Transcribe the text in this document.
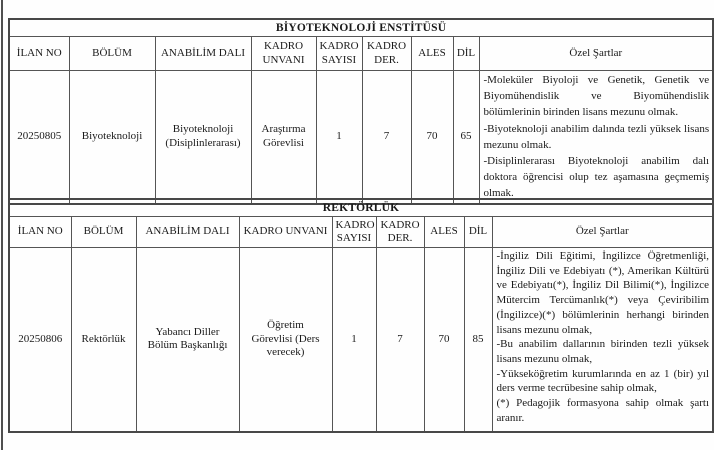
BİYOTEKNOLOJİ ENSTİTÜSÜ								
İLAN NO	BÖLÜM	ANABİLİM DALI	KADRO UNVANI	KADRO SAYISI	KADRO DER.	ALES	DİL	Özel Şartlar
20250805	Biyoteknoloji	Biyoteknoloji (Disiplinlerarası)	Araştırma Görevlisi	1	7	70	65	-Moleküler Biyoloji ve Genetik, Genetik ve Biyomühendislik ve Biyomühendislik bölümlerinin birinden lisans mezunu olmak.

-Biyoteknoloji anabilim dalında tezli yüksek lisans mezunu olmak.

-Disiplinlerarası Biyoteknoloji anabilim dalı doktora öğrencisi olup tez aşamasına geçmemiş olmak.

REKTÖRLÜK								
İLAN NO	BÖLÜM	ANABİLİM DALI	KADRO UNVANI	KADRO SAYISI	KADRO DER.	ALES	DİL	Özel Şartlar
20250806	Rektörlük	Yabancı Diller Bölüm Başkanlığı	Öğretim Görevlisi (Ders verecek)	1	7	70	85	-İngiliz Dili Eğitimi, İngilizce Öğretmenliği, İngiliz Dili ve Edebiyatı (*), Amerikan Kültürü ve Edebiyatı(*), İngiliz Dil Bilimi(*), İngilizce Mütercim Tercümanlık(*) veya Çeviribilim (İngilizce)(*) bölümlerinin herhangi birinden lisans mezunu olmak,

-Bu anabilim dallarının birinden tezli yüksek lisans mezunu olmak,

-Yükseköğretim kurumlarında en az 1 (bir) yıl ders verme tecrübesine sahip olmak,

(*) Pedagojik formasyona sahip olmak şartı aranır.
